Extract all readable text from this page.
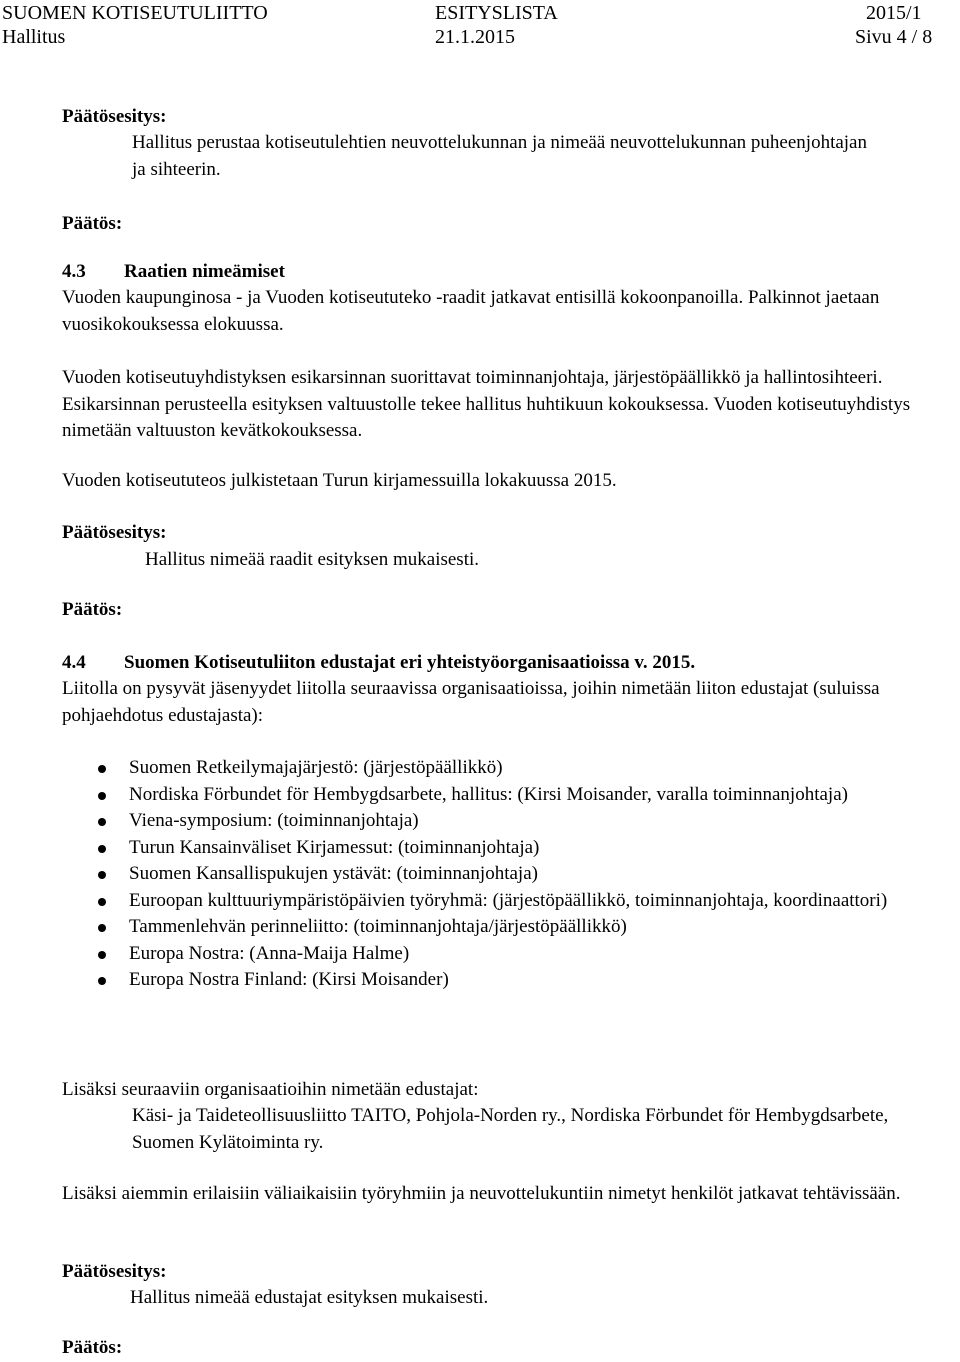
SUOMEN KOTISEUTULIITTO	ESITYSLISTA	2015/1
Hallitus	21.1.2015	Sivu 4 / 8
Päätösesitys:
Hallitus perustaa kotiseutulehtien neuvottelukunnan ja nimeää neuvottelukunnan puheenjohtajan ja sihteerin.
Päätös:
4.3 Raatien nimeämiset
Vuoden kaupunginosa - ja Vuoden kotiseututeko -raadit jatkavat entisillä kokoonpanoilla. Palkinnot jaetaan vuosikokouksessa elokuussa.
Vuoden kotiseutuyhdistyksen esikarsinnan suorittavat toiminnanjohtaja, järjestöpäällikkö ja hallintosihteeri. Esikarsinnan perusteella esityksen valtuustolle tekee hallitus huhtikuun kokouksessa. Vuoden kotiseutuyhdistys nimetään valtuuston kevätkokouksessa.
Vuoden kotiseututeos julkistetaan Turun kirjamessuilla lokakuussa 2015.
Päätösesitys:
Hallitus nimeää raadit esityksen mukaisesti.
Päätös:
4.4 Suomen Kotiseutuliiton edustajat eri yhteistyöorganisaatioissa v. 2015.
Liitolla on pysyvät jäsenyydet liitolla seuraavissa organisaatioissa, joihin nimetään liiton edustajat (suluissa pohjaehdotus edustajasta):
Suomen Retkeilymajajärjestö: (järjestöpäällikkö)
Nordiska Förbundet för Hembygdsarbete, hallitus: (Kirsi Moisander, varalla toiminnanjohtaja)
Viena-symposium: (toiminnanjohtaja)
Turun Kansainväliset Kirjamessut: (toiminnanjohtaja)
Suomen Kansallispukujen ystävät: (toiminnanjohtaja)
Euroopan kulttuuriympäristöpäivien työryhmä: (järjestöpäällikkö, toiminnanjohtaja, koordinaattori)
Tammenlehvän perinneliitto: (toiminnanjohtaja/järjestöpäällikkö)
Europa Nostra: (Anna-Maija Halme)
Europa Nostra Finland: (Kirsi Moisander)
Lisäksi seuraaviin organisaatioihin nimetään edustajat:
Käsi- ja Taideteollisuusliitto TAITO, Pohjola-Norden ry., Nordiska Förbundet för Hembygdsarbete, Suomen Kylätoiminta ry.
Lisäksi aiemmin erilaisiin väliaikaisiin työryhmiin ja neuvottelukuntiin nimetyt henkilöt jatkavat tehtävissään.
Päätösesitys:
Hallitus nimeää edustajat esityksen mukaisesti.
Päätös:
